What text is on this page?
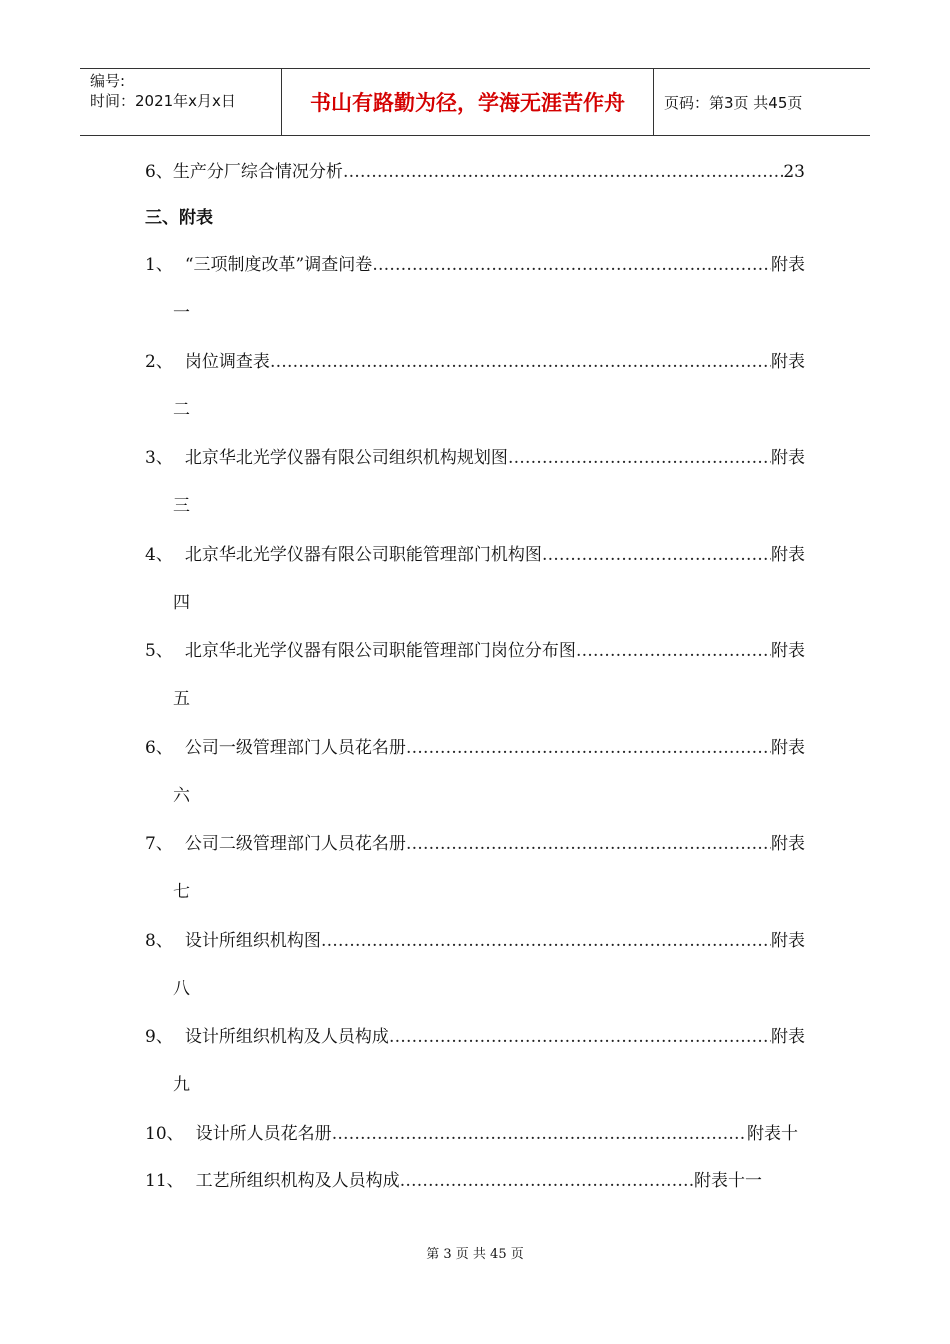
编号:
时间：2021年x月x日	书山有路勤为径，学海无涯苦作舟	页码：第3页 共45页
6、 生产分厂综合情况分析 …………………………………………………………………………………………………………………………………………………………………………	23
三、附表
1、 “三项制度改革”调查问卷 …………………………………………………………………………………………………………………………………………………………………………	附表
一
2、 岗位调查表 …………………………………………………………………………………………………………………………………………………………………………	附表
二
3、 北京华北光学仪器有限公司组织机构规划图 …………………………………………………………………………………………………………………………………………………………………………	附表
三
4、 北京华北光学仪器有限公司职能管理部门机构图 …………………………………………………………………………………………………………………………………………………………………………	附表
四
5、 北京华北光学仪器有限公司职能管理部门岗位分布图 …………………………………………………………………………………………………………………………………………………………………………	附表
五
6、 公司一级管理部门人员花名册 …………………………………………………………………………………………………………………………………………………………………………	附表
六
7、 公司二级管理部门人员花名册 …………………………………………………………………………………………………………………………………………………………………………	附表
七
8、 设计所组织机构图 …………………………………………………………………………………………………………………………………………………………………………	附表
八
9、 设计所组织机构及人员构成 …………………………………………………………………………………………………………………………………………………………………………	附表
九
10、 设计所人员花名册 …………………………………………………………………………………………………………………………………………………………………………	附表十
11、 工艺所组织机构及人员构成 …………………………………………………………………………………………………………………………………………………………………………	附表十一
第 3 页 共 45 页
